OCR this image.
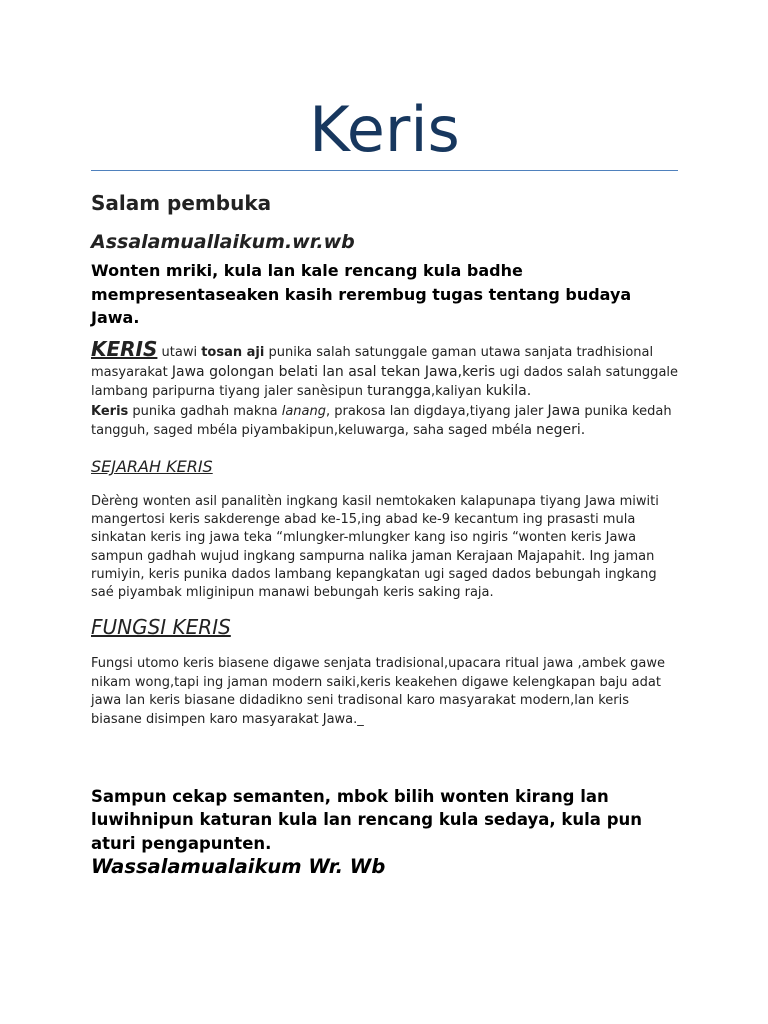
Keris
Salam pembuka
Assalamuallaikum.wr.wb
Wonten mriki, kula lan kale rencang kula badhe mempresentaseaken kasih rerembug tugas tentang budaya Jawa.
KERIS utawi tosan aji punika salah satunggale gaman utawa sanjata tradhisional masyarakat Jawa golongan belati lan asal tekan Jawa,keris ugi dados salah satunggale lambang paripurna tiyang jaler sanèsipun turangga,kaliyan kukila.
Keris punika gadhah makna lanang, prakosa lan digdaya,tiyang jaler Jawa punika kedah tangguh, saged mbéla piyambakipun,keluwarga, saha saged mbéla negeri.
SEJARAH KERIS
Dèrèng wonten asil panalitèn ingkang kasil nemtokaken kalapunapa tiyang Jawa miwiti mangertosi keris sakderenge abad ke-15,ing abad ke-9 kecantum ing prasasti mula sinkatan keris ing jawa teka “mlungker-mlungker kang iso ngiris “wonten keris Jawa sampun gadhah wujud ingkang sampurna nalika jaman Kerajaan Majapahit. Ing jaman rumiyin, keris punika dados lambang kepangkatan ugi saged dados bebungah ingkang saé piyambak mliginipun manawi bebungah keris saking raja.
FUNGSI KERIS
Fungsi utomo keris biasene digawe senjata tradisional,upacara ritual jawa ,ambek gawe nikam wong,tapi ing jaman modern saiki,keris keakehen digawe kelengkapan baju adat jawa lan keris biasane didadikno seni tradisonal karo masyarakat modern,lan keris biasane disimpen karo masyarakat Jawa._
Sampun cekap semanten, mbok bilih wonten kirang lan luwihnipun katuran kula lan rencang kula sedaya, kula pun aturi pengapunten.
Wassalamualaikum Wr. Wb
